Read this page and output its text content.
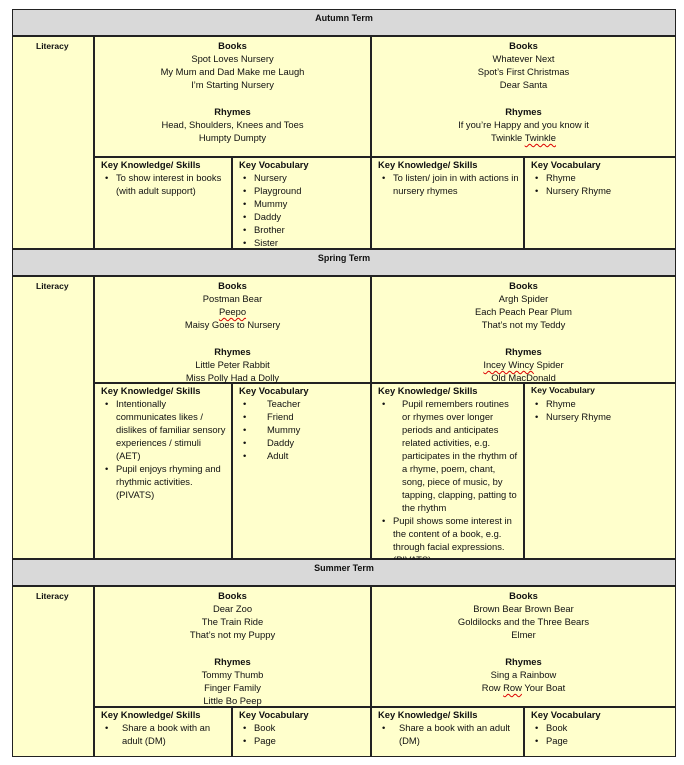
Autumn Term
Literacy	Books
Spot Loves Nursery
My Mum and Dad Make me Laugh
I’m Starting Nursery
Rhymes
Head, Shoulders, Knees and Toes
Humpty Dumpty
Books
Whatever Next
Spot’s First Christmas
Dear Santa
Rhymes
If you’re Happy and you know it
Twinkle Twinkle
Key Knowledge/ Skills
• To show interest in books (with adult support)
Key Vocabulary
• Nursery
• Playground
• Mummy
• Daddy
• Brother
• Sister
Key Knowledge/ Skills
• To listen/ join in with actions in nursery rhymes
Key Vocabulary
• Rhyme
• Nursery Rhyme
Spring Term
Literacy	Books
Postman Bear
Peepo
Maisy Goes to Nursery
Rhymes
Little Peter Rabbit
Miss Polly Had a Dolly
Books
Argh Spider
Each Peach Pear Plum
That’s not my Teddy
Rhymes
Incey Wincy Spider
Old MacDonald
Key Knowledge/ Skills
• Intentionally communicates likes / dislikes of familiar sensory experiences / stimuli (AET)
• Pupil enjoys rhyming and rhythmic activities. (PIVATS)
Key Vocabulary
• Teacher
• Friend
• Mummy
• Daddy
• Adult
Key Knowledge/ Skills
• Pupil remembers routines or rhymes over longer periods and anticipates related activities, e.g. participates in the rhythm of a rhyme, poem, chant, song, piece of music, by tapping, clapping, patting to the rhythm
• Pupil shows some interest in the content of a book, e.g. through facial expressions.
Key Vocabulary
• Rhyme
• Nursery Rhyme
Summer Term
Literacy	Books
Dear Zoo
The Train Ride
That’s not my Puppy
Rhymes
Tommy Thumb
Finger Family
Little Bo Peep
Books
Brown Bear Brown Bear
Goldilocks and the Three Bears
Elmer
Rhymes
Sing a Rainbow
Row Row Your Boat
Key Knowledge/ Skills
• Share a book with an adult (DM)
Key Vocabulary
• Book
• Page
Key Knowledge/ Skills
• Share a book with an adult (DM)
Key Vocabulary
• Book
• Page
